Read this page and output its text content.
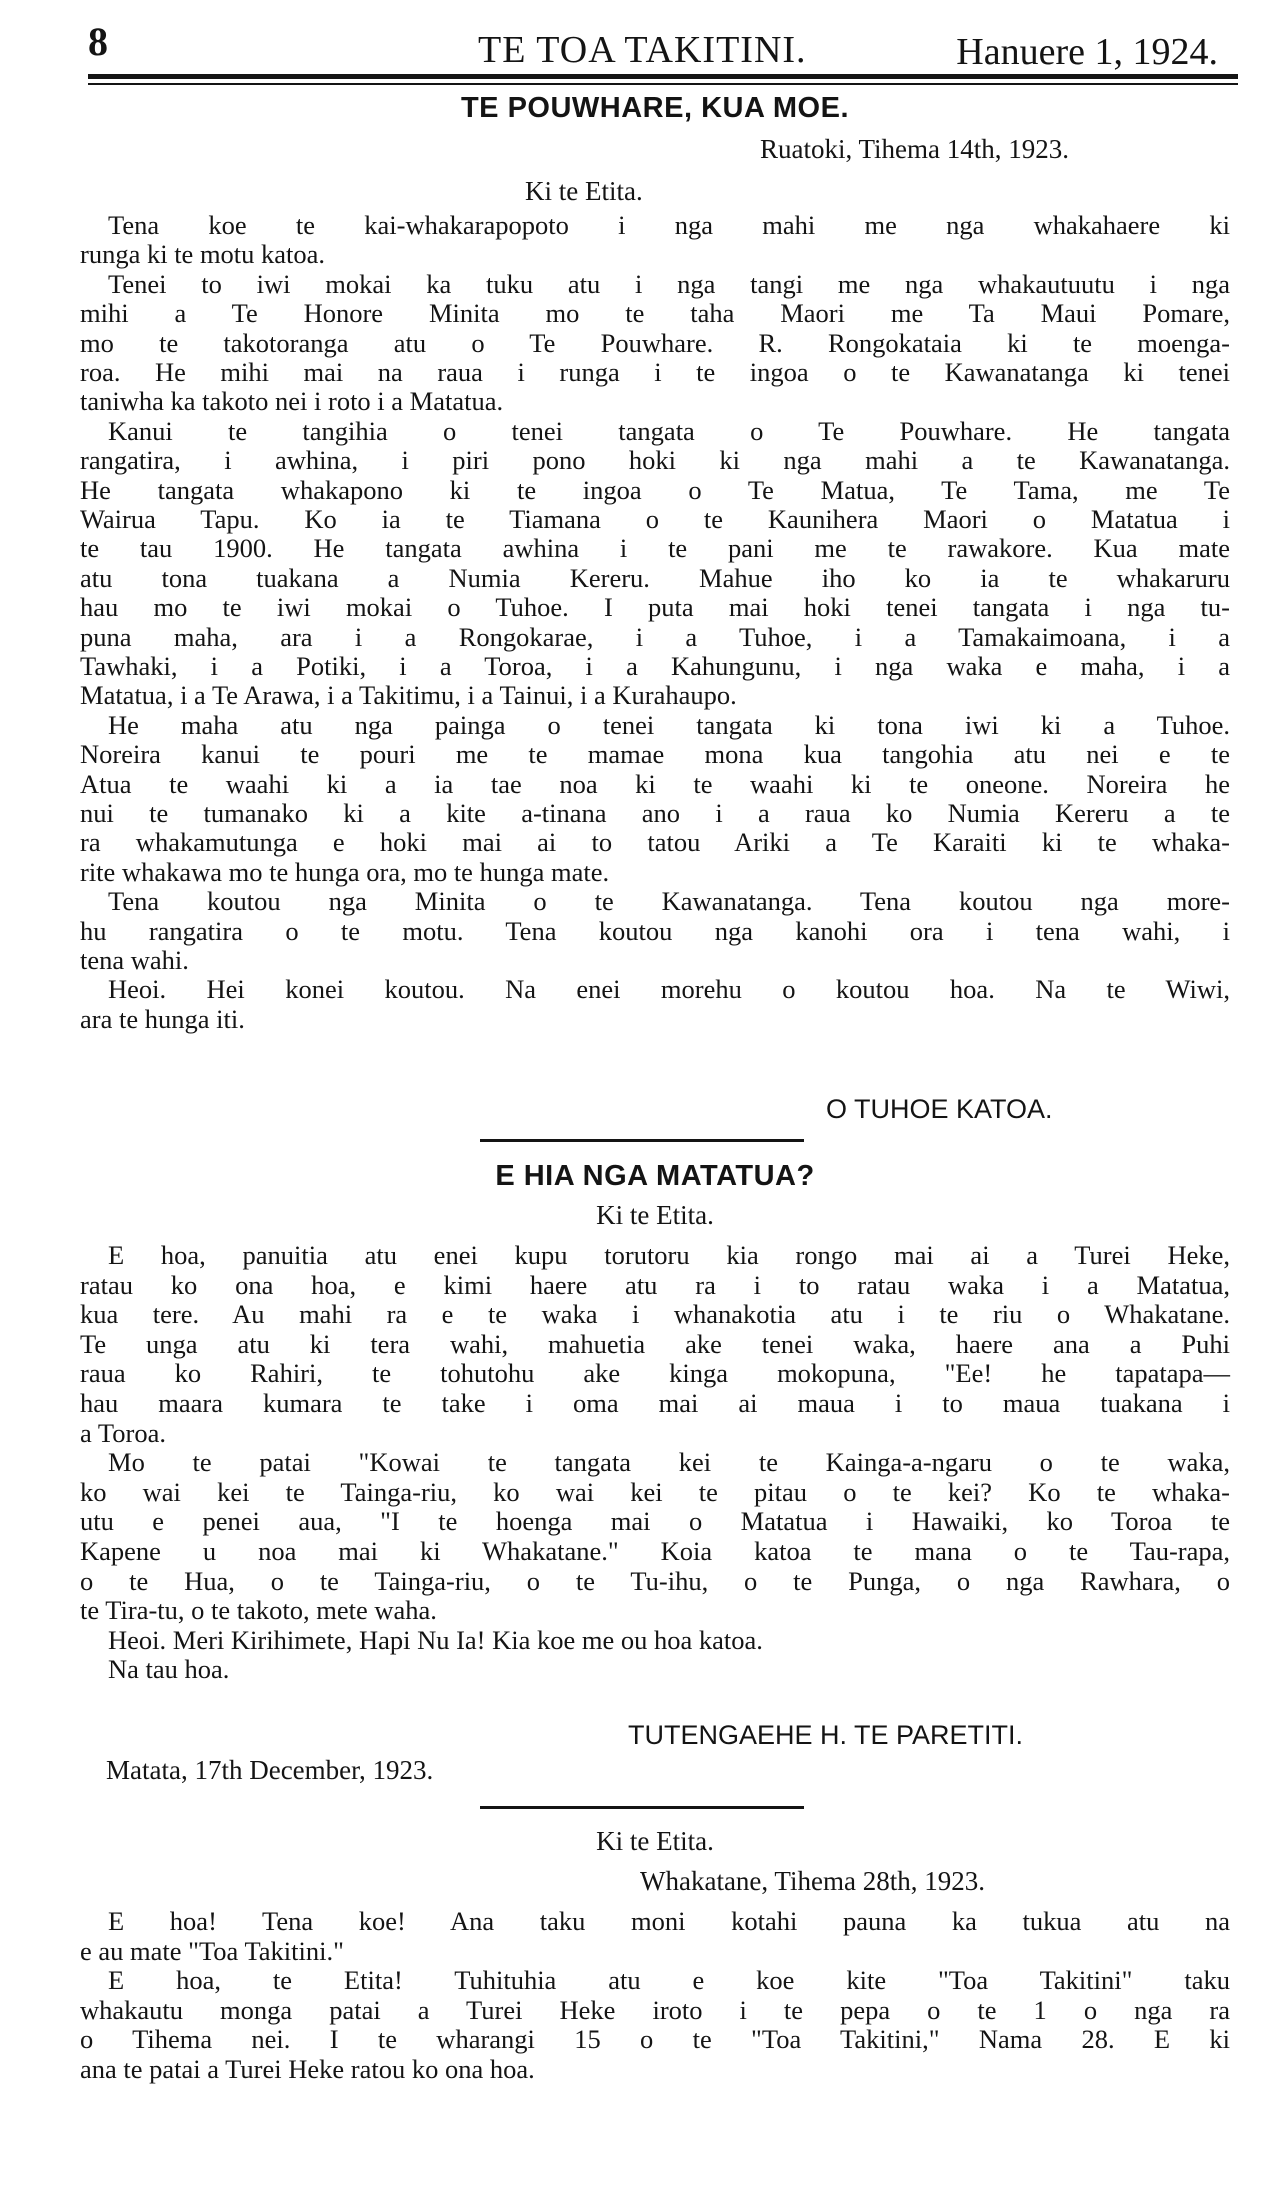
8	TE TOA TAKITINI.	Hanuere 1, 1924.
TE POUWHARE, KUA MOE.
Ruatoki, Tihema 14th, 1923.
Ki te Etita.
Tena koe te kai-whakarapopoto i nga mahi me nga whakahaere ki
runga ki te motu katoa.
Tenei to iwi mokai ka tuku atu i nga tangi me nga whakautuutu i nga
mihi a Te Honore Minita mo te taha Maori me Ta Maui Pomare,
mo te takotoranga atu o Te Pouwhare. R. Rongokataia ki te moenga-
roa. He mihi mai na raua i runga i te ingoa o te Kawanatanga ki tenei
taniwha ka takoto nei i roto i a Matatua.
Kanui te tangihia o tenei tangata o Te Pouwhare. He tangata
rangatira, i awhina, i piri pono hoki ki nga mahi a te Kawanatanga.
He tangata whakapono ki te ingoa o Te Matua, Te Tama, me Te
Wairua Tapu. Ko ia te Tiamana o te Kaunihera Maori o Matatua i
te tau 1900. He tangata awhina i te pani me te rawakore. Kua mate
atu tona tuakana a Numia Kereru. Mahue iho ko ia te whakaruru
hau mo te iwi mokai o Tuhoe. I puta mai hoki tenei tangata i nga tu-
puna maha, ara i a Rongokarae, i a Tuhoe, i a Tamakaimoana, i a
Tawhaki, i a Potiki, i a Toroa, i a Kahungunu, i nga waka e maha, i a
Matatua, i a Te Arawa, i a Takitimu, i a Tainui, i a Kurahaupo.
He maha atu nga painga o tenei tangata ki tona iwi ki a Tuhoe.
Noreira kanui te pouri me te mamae mona kua tangohia atu nei e te
Atua te waahi ki a ia tae noa ki te waahi ki te oneone. Noreira he
nui te tumanako ki a kite a-tinana ano i a raua ko Numia Kereru a te
ra whakamutunga e hoki mai ai to tatou Ariki a Te Karaiti ki te whaka-
rite whakawa mo te hunga ora, mo te hunga mate.
Tena koutou nga Minita o te Kawanatanga. Tena koutou nga more-
hu rangatira o te motu. Tena koutou nga kanohi ora i tena wahi, i
tena wahi.
Heoi. Hei konei koutou. Na enei morehu o koutou hoa. Na te Wiwi,
ara te hunga iti.
O TUHOE KATOA.
E HIA NGA MATATUA?
Ki te Etita.
E hoa, panuitia atu enei kupu torutoru kia rongo mai ai a Turei Heke,
ratau ko ona hoa, e kimi haere atu ra i to ratau waka i a Matatua,
kua tere. Au mahi ra e te waka i whanakotia atu i te riu o Whakatane.
Te unga atu ki tera wahi, mahuetia ake tenei waka, haere ana a Puhi
raua ko Rahiri, te tohutohu ake kinga mokopuna, "Ee! he tapatapa—
hau maara kumara te take i oma mai ai maua i to maua tuakana i
a Toroa.
Mo te patai "Kowai te tangata kei te Kainga-a-ngaru o te waka,
ko wai kei te Tainga-riu, ko wai kei te pitau o te kei? Ko te whaka-
utu e penei aua, "I te hoenga mai o Matatua i Hawaiki, ko Toroa te
Kapene u noa mai ki Whakatane." Koia katoa te mana o te Tau-rapa,
o te Hua, o te Tainga-riu, o te Tu-ihu, o te Punga, o nga Rawhara, o
te Tira-tu, o te takoto, mete waha.
Heoi. Meri Kirihimete, Hapi Nu Ia! Kia koe me ou hoa katoa.
Na tau hoa.
TUTENGAEHE H. TE PARETITI.
Matata, 17th December, 1923.
Ki te Etita.
Whakatane, Tihema 28th, 1923.
E hoa! Tena koe! Ana taku moni kotahi pauna ka tukua atu na
e au mate "Toa Takitini."
E hoa, te Etita! Tuhituhia atu e koe kite "Toa Takitini" taku
whakautu monga patai a Turei Heke iroto i te pepa o te 1 o nga ra
o Tihema nei. I te wharangi 15 o te "Toa Takitini," Nama 28. E ki
ana te patai a Turei Heke ratou ko ona hoa.
